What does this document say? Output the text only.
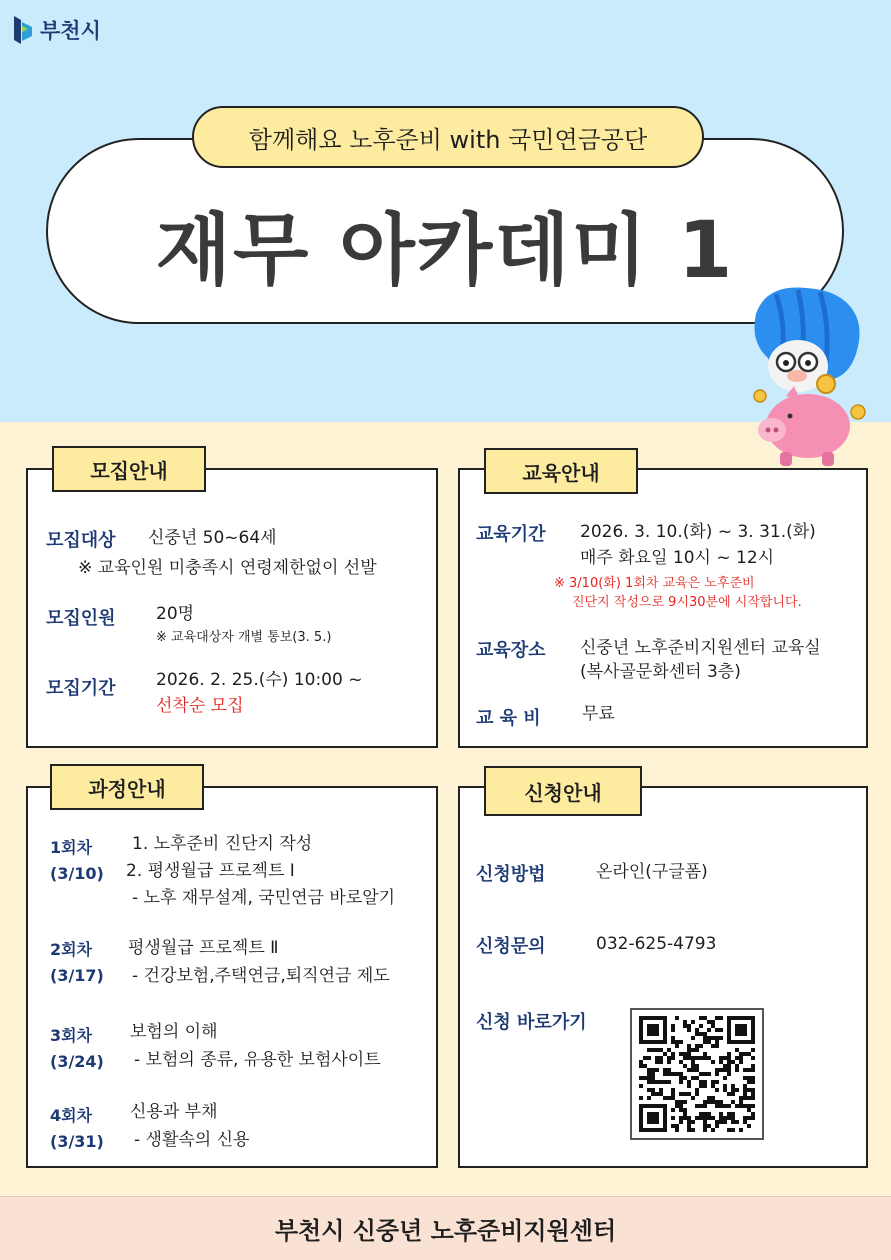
부천시
함께해요 노후준비 with 국민연금공단
재무 아카데미 1
모집안내
모집대상 신중년 50~64세
※ 교육인원 미충족시 연령제한없이 선발
모집인원 20명
※ 교육대상자 개별 통보(3. 5.)
모집기간 2026. 2. 25.(수) 10:00 ~
선착순 모집
교육안내
교육기간 2026. 3. 10.(화) ~ 3. 31.(화)
매주 화요일 10시 ~ 12시
※ 3/10(화) 1회차 교육은 노후준비
진단지 작성으로 9시30분에 시작합니다.
교육장소 신중년 노후준비지원센터 교육실
(복사골문화센터 3층)
교 육 비 무료
과정안내
1회차
(3/10)
1. 노후준비 진단지 작성
2. 평생월급 프로젝트 Ⅰ
- 노후 재무설계, 국민연금 바로알기
2회차
(3/17)
평생월급 프로젝트 Ⅱ
- 건강보험,주택연금,퇴직연금 제도
3회차
(3/24)
보험의 이해
- 보험의 종류, 유용한 보험사이트
4회차
(3/31)
신용과 부채
- 생활속의 신용
신청안내
신청방법	온라인(구글폼)
신청문의	032-625-4793
신청 바로가기
부천시 신중년 노후준비지원센터
